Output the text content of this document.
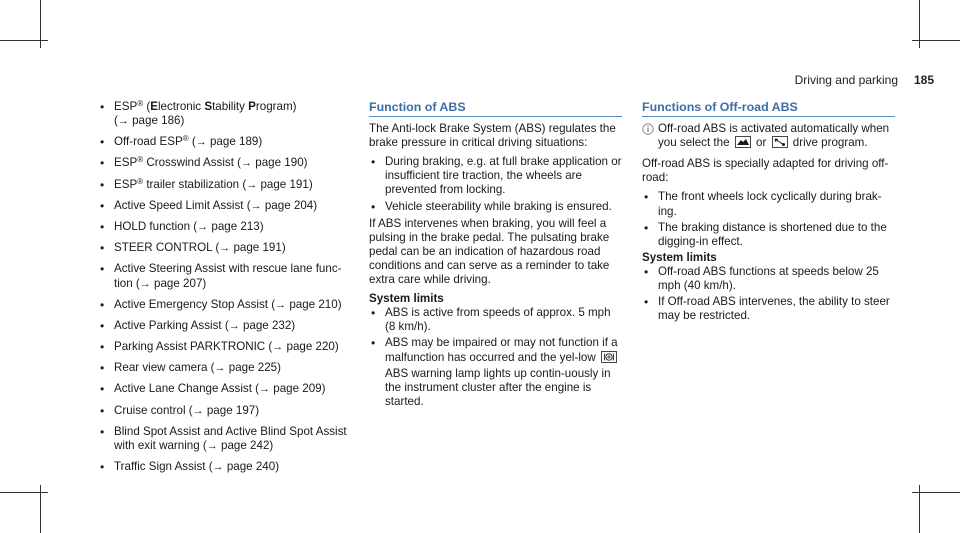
Driving and parking 185
• ESP® (Electronic Stability Program)
(→ page 186)
• Off-road ESP® (→ page 189)
• ESP® Crosswind Assist (→ page 190)
• ESP® trailer stabilization (→ page 191)
• Active Speed Limit Assist (→ page 204)
• HOLD function (→ page 213)
• STEER CONTROL (→ page 191)
• Active Steering Assist with rescue lane func-
tion (→ page 207)
• Active Emergency Stop Assist (→ page 210)
• Active Parking Assist (→ page 232)
• Parking Assist PARKTRONIC (→ page 220)
• Rear view camera (→ page 225)
• Active Lane Change Assist (→ page 209)
• Cruise control (→ page 197)
• Blind Spot Assist and Active Blind Spot Assist
with exit warning (→ page 242)
• Traffic Sign Assist (→ page 240)
Function of ABS

The Anti-lock Brake System (ABS) regulates the brake pressure in critical driving situations:

• During braking, e.g. at full brake application or insufficient tire traction, the wheels are prevented from locking.
• Vehicle steerability while braking is ensured.

If ABS intervenes when braking, you will feel a pulsing in the brake pedal. The pulsating brake pedal can be an indication of hazardous road conditions and can serve as a reminder to take extra care while driving.

System limits
• ABS is active from speeds of approx. 5 mph (8 km/h).
• ABS may be impaired or may not function if a malfunction has occurred and the yel-low  ABS warning lamp lights up contin-uously in the instrument cluster after the engine is started.
Functions of Off-road ABS
Off-road ABS is activated automatically when you select the or drive program.

Off-road ABS is specially adapted for driving off-road:

• The front wheels lock cyclically during brak-ing.
• The braking distance is shortened due to the digging-in effect.
System limits
• Off-road ABS functions at speeds below 25 mph (40 km/h).
• If Off-road ABS intervenes, the ability to steer may be restricted.
